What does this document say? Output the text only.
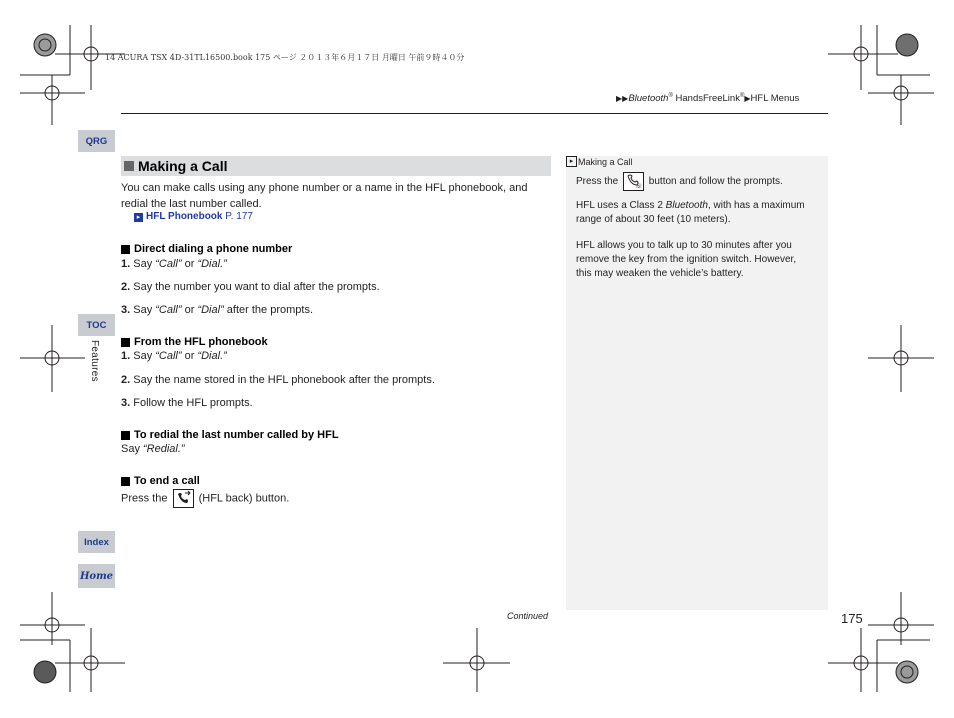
14 ACURA TSX 4D-31TL16500.book 175 ページ ２０１３年６月１７日 月曜日 午前９時４０分
▶▶Bluetooth® HandsFreeLink®▶HFL Menus
QRG
TOC
Features
Index
Home
Making a Call
You can make calls using any phone number or a name in the HFL phonebook, and
redial the last number called.
▸ HFL Phonebook P. 177
Direct dialing a phone number
1. Say “Call” or “Dial.”
2. Say the number you want to dial after the prompts.
3. Say “Call” or “Dial” after the prompts.
From the HFL phonebook
1. Say “Call” or “Dial.”
2. Say the name stored in the HFL phonebook after the prompts.
3. Follow the HFL prompts.
To redial the last number called by HFL
Say “Redial.”
To end a call
Press the
(HFL back) button.
▸ Making a Call
Press the ☏ button and follow the prompts.
HFL uses a Class 2 Bluetooth, with has a maximum
range of about 30 feet (10 meters).
HFL allows you to talk up to 30 minutes after you
remove the key from the ignition switch. However,
this may weaken the vehicle’s battery.
Continued	175
